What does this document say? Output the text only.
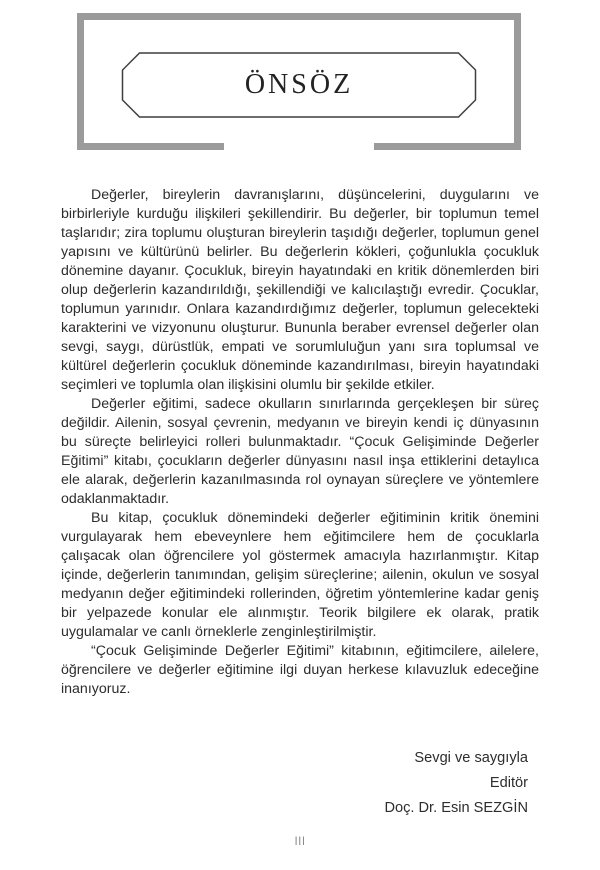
ÖNSÖZ

Değerler, bireylerin davranışlarını, düşüncelerini, duygularını ve birbirleriyle kurduğu ilişkileri şekillendirir. Bu değerler, bir toplumun temel taşlarıdır; zira toplumu oluşturan bireylerin taşıdığı değerler, toplumun genel yapısını ve kültürünü belirler. Bu değerlerin kökleri, çoğunlukla çocukluk dönemine dayanır. Çocukluk, bireyin hayatındaki en kritik dönemlerden biri olup değerlerin kazandırıldığı, şekillendiği ve kalıcılaştığı evredir. Çocuklar, toplumun yarınıdır. Onlara kazandırdığımız değerler, toplumun gelecekteki karakterini ve vizyonunu oluşturur. Bununla beraber evrensel değerler olan sevgi, saygı, dürüstlük, empati ve sorumluluğun yanı sıra toplumsal ve kültürel değerlerin çocukluk döneminde kazandırılması, bireyin hayatındaki seçimleri ve toplumla olan ilişkisini olumlu bir şekilde etkiler.

Değerler eğitimi, sadece okulların sınırlarında gerçekleşen bir süreç değildir. Ailenin, sosyal çevrenin, medyanın ve bireyin kendi iç dünyasının bu süreçte belirleyici rolleri bulunmaktadır. “Çocuk Gelişiminde Değerler Eğitimi” kitabı, çocukların değerler dünyasını nasıl inşa ettiklerini detaylıca ele alarak, değerlerin kazanılmasında rol oynayan süreçlere ve yöntemlere odaklanmaktadır.

Bu kitap, çocukluk dönemindeki değerler eğitiminin kritik önemini vurgulayarak hem ebeveynlere hem eğitimcilere hem de çocuklarla çalışacak olan öğrencilere yol göstermek amacıyla hazırlanmıştır. Kitap içinde, değerlerin tanımından, gelişim süreçlerine; ailenin, okulun ve sosyal medyanın değer eğitimindeki rollerinden, öğretim yöntemlerine kadar geniş bir yelpazede konular ele alınmıştır. Teorik bilgilere ek olarak, pratik uygulamalar ve canlı örneklerle zenginleştirilmiştir.

“Çocuk Gelişiminde Değerler Eğitimi” kitabının, eğitimcilere, ailelere, öğrencilere ve değerler eğitimine ilgi duyan herkese kılavuzluk edeceğine inanıyoruz.

Sevgi ve saygıyla
Editör
Doç. Dr. Esin SEZGİN
III
